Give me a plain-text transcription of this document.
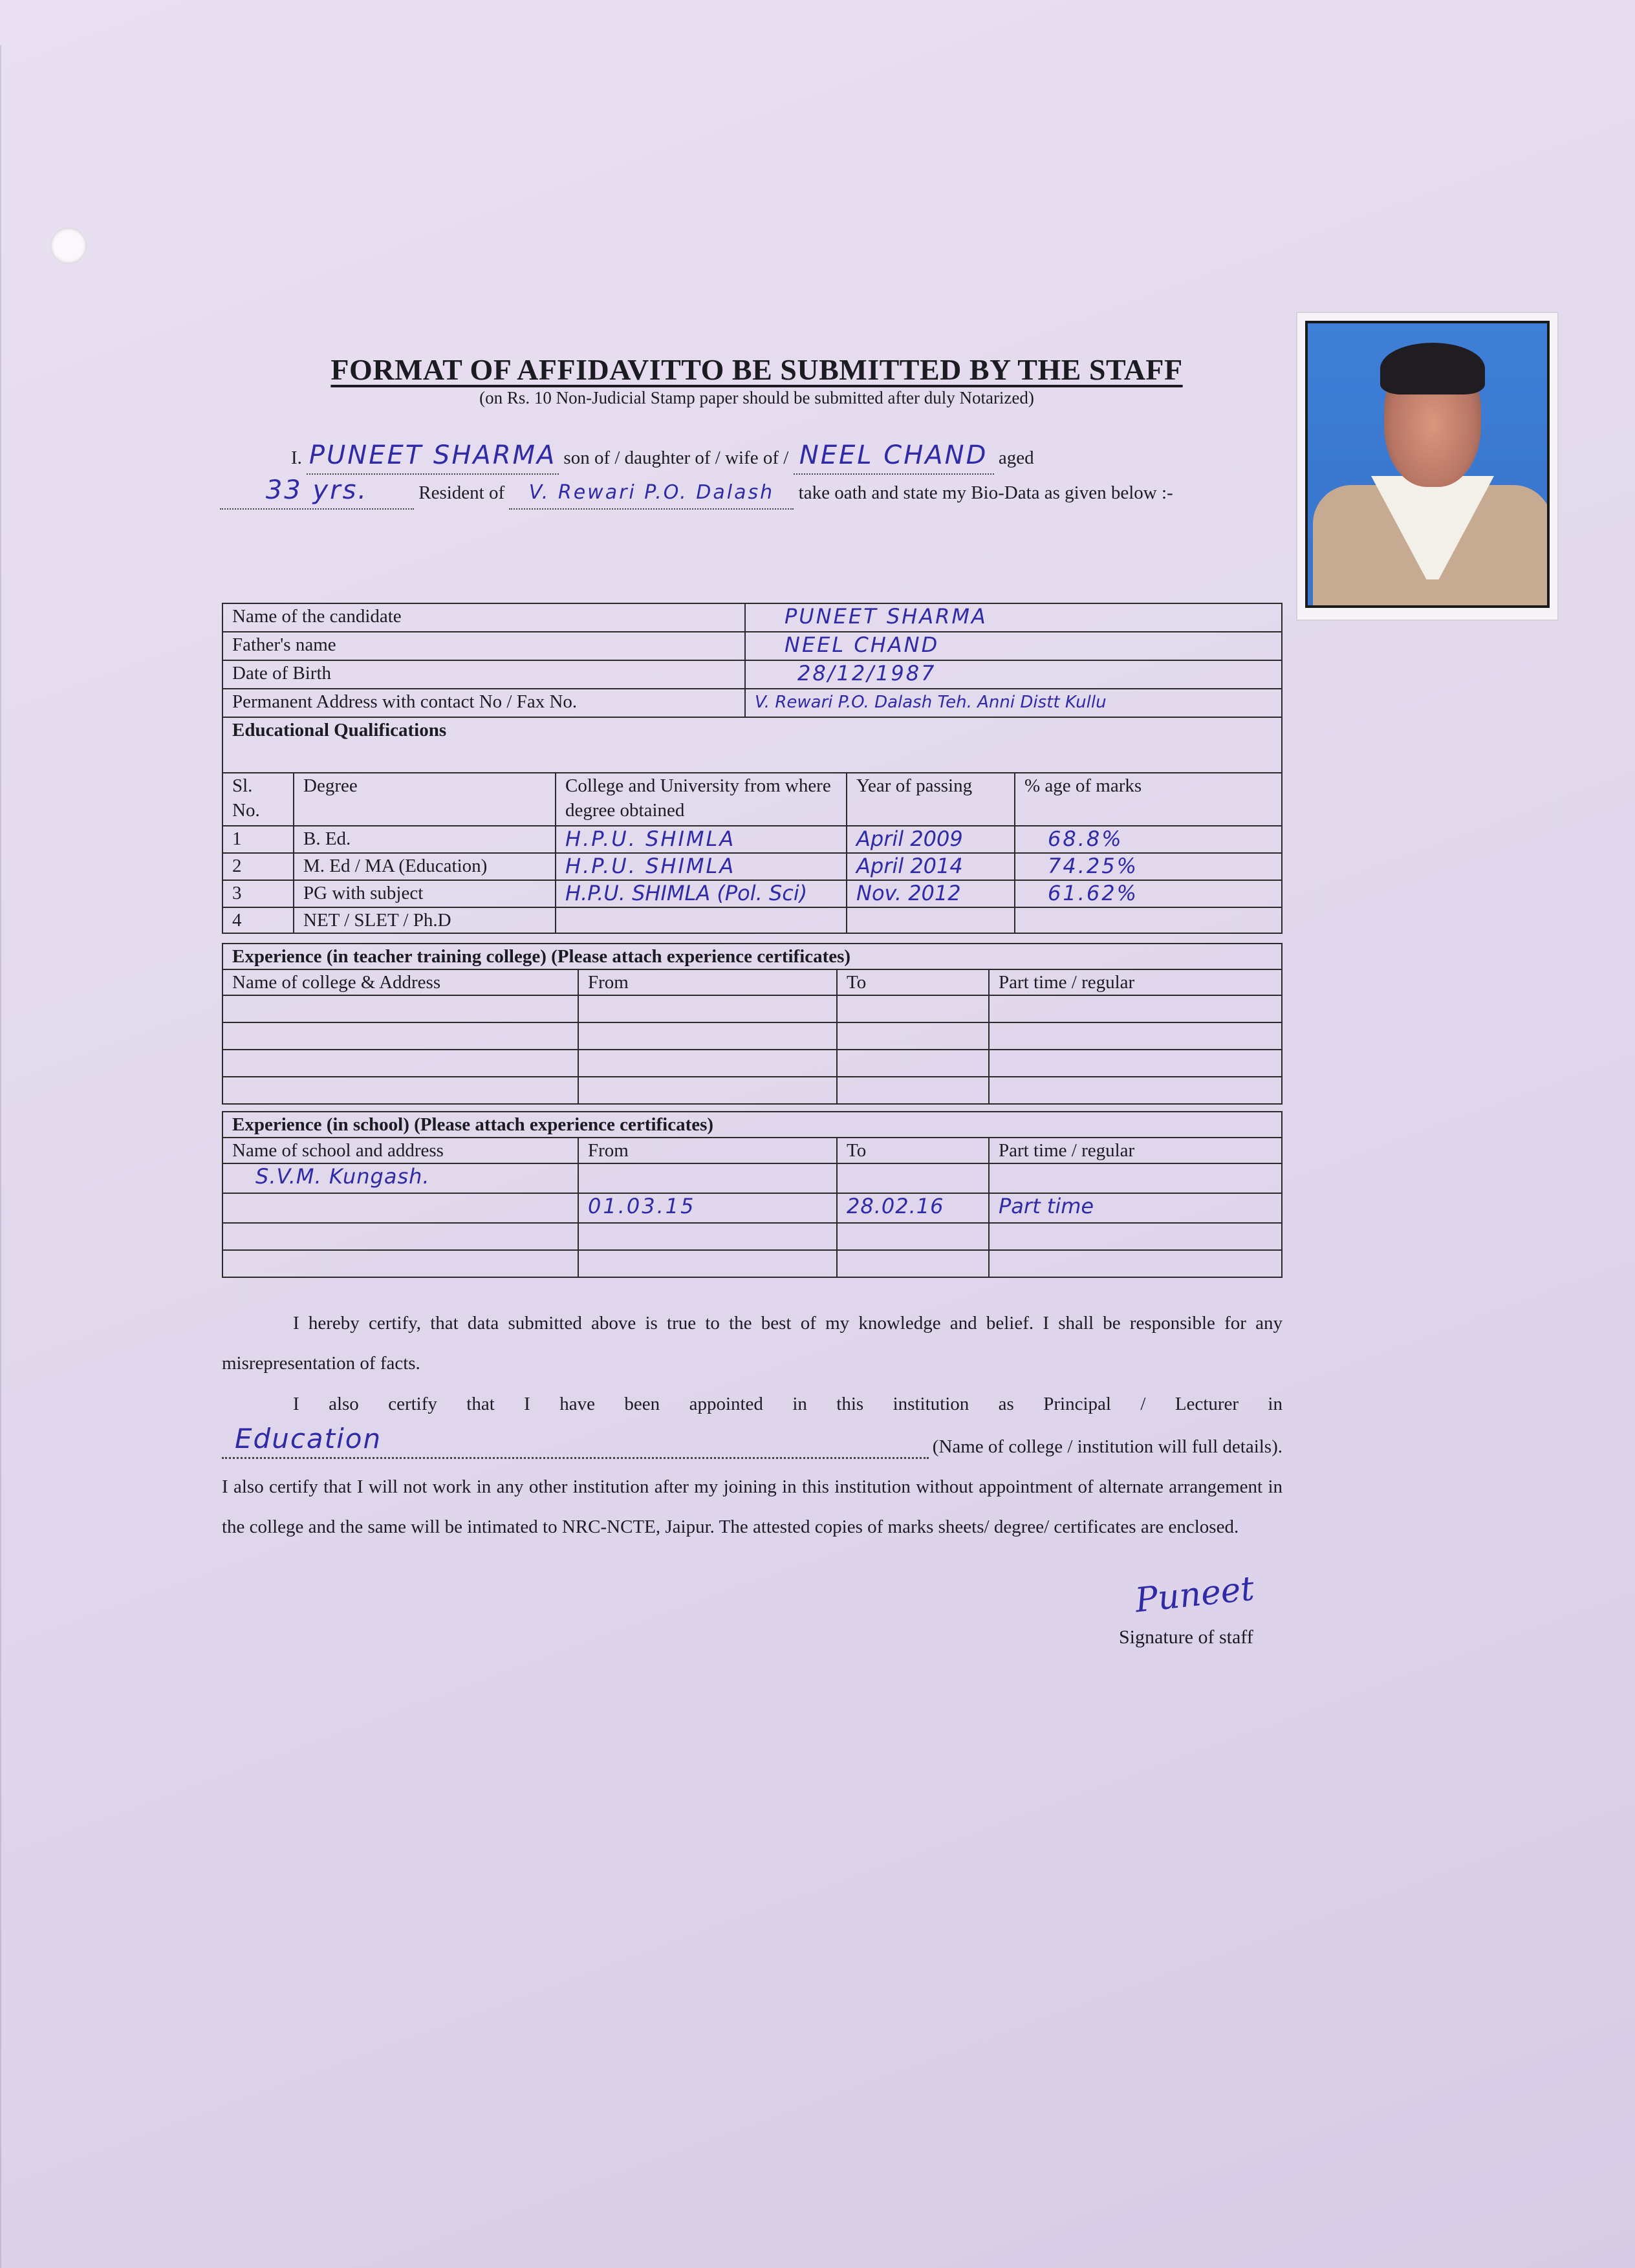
FORMAT OF AFFIDAVITTO BE SUBMITTED BY THE STAFF
(on Rs. 10 Non-Judicial Stamp paper should be submitted after duly Notarized)
I. PUNEET SHARMA son of / daughter of / wife of / NEEL CHAND aged
33 yrs.	Resident of V. Rewari P.O. Dalash take oath and state my Bio-Data as given below :-
Name of the candidate	PUNEET SHARMA
Father's name	NEEL CHAND
Date of Birth	28/12/1987
Permanent Address with contact No / Fax No.	V. Rewari P.O. Dalash Teh. Anni Distt Kullu
Educational Qualifications	
Sl. No.	Degree	College and University from where degree obtained	Year of passing	% age of marks
1	B. Ed.	H.P.U. SHIMLA	April 2009	68.8%
2	M. Ed / MA (Education)	H.P.U. SHIMLA	April 2014	74.25%
3	PG with subject	H.P.U. SHIMLA (Pol. Sci)	Nov. 2012	61.62%
4	NET / SLET / Ph.D			
Experience (in teacher training college) (Please attach experience certificates)			
Name of college & Address	From	To	Part time / regular

Experience (in school) (Please attach experience certificates)			
Name of school and address	From	To	Part time / regular
S.V.M. Kungash.			
	01.03.15	28.02.16	Part time

I hereby certify, that data submitted above is true to the best of my knowledge and belief. I shall be responsible for any misrepresentation of facts.
I also certify that I have been appointed in this institution as Principal / Lecturer in
Education	(Name of college / institution will full details).
I also certify that I will not work in any other institution after my joining in this institution without appointment of alternate arrangement in the college and the same will be intimated to NRC-NCTE, Jaipur. The attested copies of marks sheets/ degree/ certificates are enclosed.
Puneet
Signature of staff
